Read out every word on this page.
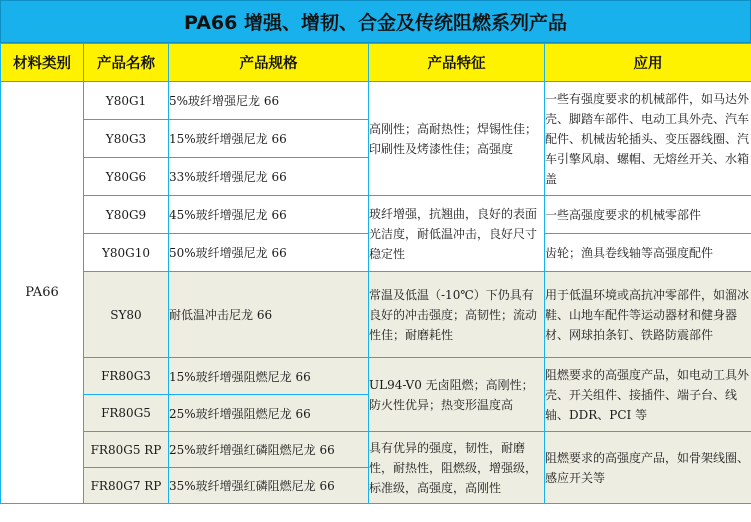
PA66 增强、增韧、合金及传统阻燃系列产品
材料类别	产品名称	产品规格	产品特征	应用
PA66	Y80G1	5%玻纤增强尼龙 66	高刚性；高耐热性；焊锡性佳；印刷性及烤漆性佳；高强度	一些有强度要求的机械部件，如马达外壳、脚踏车部件、电动工具外壳、汽车配件、机械齿轮插头、变压器线圈、汽车引擎风扇、螺帽、无熔丝开关、水箱盖
	Y80G3	15%玻纤增强尼龙 66		
	Y80G6	33%玻纤增强尼龙 66		
	Y80G9	45%玻纤增强尼龙 66	玻纤增强，抗翘曲，良好的表面光洁度，耐低温冲击，良好尺寸稳定性	一些高强度要求的机械零部件
	Y80G10	50%玻纤增强尼龙 66		齿轮；渔具卷线轴等高强度配件
	SY80	耐低温冲击尼龙 66	常温及低温（-10℃）下仍具有良好的冲击强度；高韧性；流动性佳；耐磨耗性	用于低温环境或高抗冲零部件，如溜冰鞋、山地车配件等运动器材和健身器材、网球拍条钉、铁路防震部件
	FR80G3	15%玻纤增强阻燃尼龙 66	UL94-V0 无卤阻燃；高刚性；防火性优异；热变形温度高	阻燃要求的高强度产品，如电动工具外壳、开关组件、接插件、端子台、线轴、DDR、PCI 等
	FR80G5	25%玻纤增强阻燃尼龙 66		
	FR80G5 RP	25%玻纤增强红磷阻燃尼龙 66	具有优异的强度，韧性，耐磨性，耐热性，阻燃级，增强级，标准级，高强度，高刚性	阻燃要求的高强度产品，如骨架线圈、感应开关等
	FR80G7 RP	35%玻纤增强红磷阻燃尼龙 66		
